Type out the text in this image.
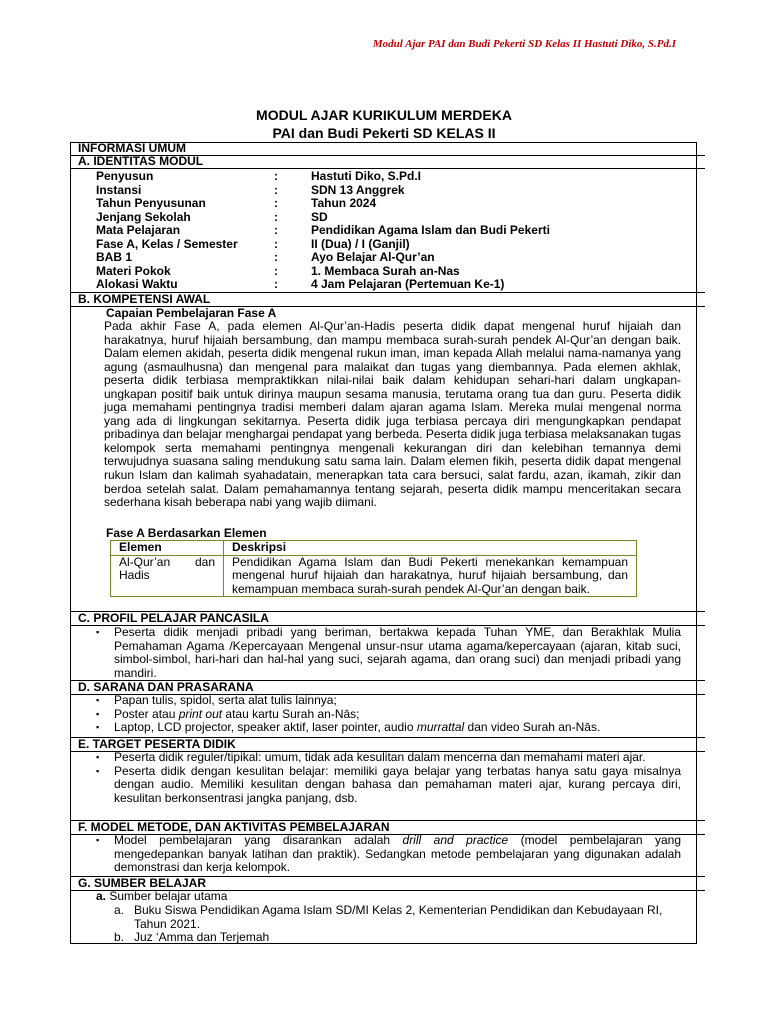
Modul Ajar PAI dan Budi Pekerti SD Kelas II Hastuti Diko, S.Pd.I
MODUL AJAR KURIKULUM MERDEKA
PAI dan Budi Pekerti SD KELAS II
INFORMASI UMUM
A. IDENTITAS MODUL
Penyusun	:	Hastuti Diko, S.Pd.I
Instansi	:	SDN 13 Anggrek
Tahun Penyusunan	:	Tahun 2024
Jenjang Sekolah	:	SD
Mata Pelajaran	:	Pendidikan Agama Islam dan Budi Pekerti
Fase A, Kelas / Semester	:	II (Dua) / I (Ganjil)
BAB 1	:	Ayo Belajar Al-Qur’an
Materi Pokok	:	1. Membaca Surah an-Nas
Alokasi Waktu	:	4 Jam Pelajaran (Pertemuan Ke-1)
B. KOMPETENSI AWAL
Capaian Pembelajaran Fase A
Pada akhir Fase A, pada elemen Al-Qur’an-Hadis peserta didik dapat mengenal huruf hijaiah dan harakatnya, huruf hijaiah bersambung, dan mampu membaca surah-surah pendek Al-Qur’an dengan baik. Dalam elemen akidah, peserta didik mengenal rukun iman, iman kepada Allah melalui nama-namanya yang agung (asmaulhusna) dan mengenal para malaikat dan tugas yang diembannya. Pada elemen akhlak, peserta didik terbiasa mempraktikkan nilai-nilai baik dalam kehidupan sehari-hari dalam ungkapan-ungkapan positif baik untuk dirinya maupun sesama manusia, terutama orang tua dan guru. Peserta didik juga memahami pentingnya tradisi memberi dalam ajaran agama Islam. Mereka mulai mengenal norma yang ada di lingkungan sekitarnya. Peserta didik juga terbiasa percaya diri mengungkapkan pendapat pribadinya dan belajar menghargai pendapat yang berbeda. Peserta didik juga terbiasa melaksanakan tugas kelompok serta memahami pentingnya mengenali kekurangan diri dan kelebihan temannya demi terwujudnya suasana saling mendukung satu sama lain. Dalam elemen fikih, peserta didik dapat mengenal rukun Islam dan kalimah syahadatain, menerapkan tata cara bersuci, salat fardu, azan, ikamah, zikir dan berdoa setelah salat. Dalam pemahamannya tentang sejarah, peserta didik mampu menceritakan secara sederhana kisah beberapa nabi yang wajib diimani.
Fase A Berdasarkan Elemen
Elemen	Deskripsi
Al-Qur’an dan Hadis	Pendidikan Agama Islam dan Budi Pekerti menekankan kemampuan mengenal huruf hijaiah dan harakatnya, huruf hijaiah bersambung, dan kemampuan membaca surah-surah pendek Al-Qur’an dengan baik.
C. PROFIL PELAJAR PANCASILA
▪ Peserta didik menjadi pribadi yang beriman, bertakwa kepada Tuhan YME, dan Berakhlak Mulia Pemahaman Agama /Kepercayaan Mengenal unsur-nsur utama agama/kepercayaan (ajaran, kitab suci, simbol-simbol, hari-hari dan hal-hal yang suci, sejarah agama, dan orang suci) dan menjadi pribadi yang mandiri.
D. SARANA DAN PRASARANA
▪ Papan tulis, spidol, serta alat tulis lainnya;
▪ Poster atau print out atau kartu Surah an-Nās;
▪ Laptop, LCD projector, speaker aktif, laser pointer, audio murrattal dan video Surah an-Nās.
E. TARGET PESERTA DIDIK
▪ Peserta didik reguler/tipikal: umum, tidak ada kesulitan dalam mencerna dan memahami materi ajar.
▪ Peserta didik dengan kesulitan belajar: memiliki gaya belajar yang terbatas hanya satu gaya misalnya dengan audio. Memiliki kesulitan dengan bahasa dan pemahaman materi ajar, kurang percaya diri, kesulitan berkonsentrasi jangka panjang, dsb.
F. MODEL METODE, DAN AKTIVITAS PEMBELAJARAN
▪ Model pembelajaran yang disarankan adalah drill and practice (model pembelajaran yang mengedepankan banyak latihan dan praktik). Sedangkan metode pembelajaran yang digunakan adalah demonstrasi dan kerja kelompok.
G. SUMBER BELAJAR
a. Sumber belajar utama
a. Buku Siswa Pendidikan Agama Islam SD/MI Kelas 2, Kementerian Pendidikan dan Kebudayaan RI, Tahun 2021.
b. Juz ‘Amma dan Terjemah
